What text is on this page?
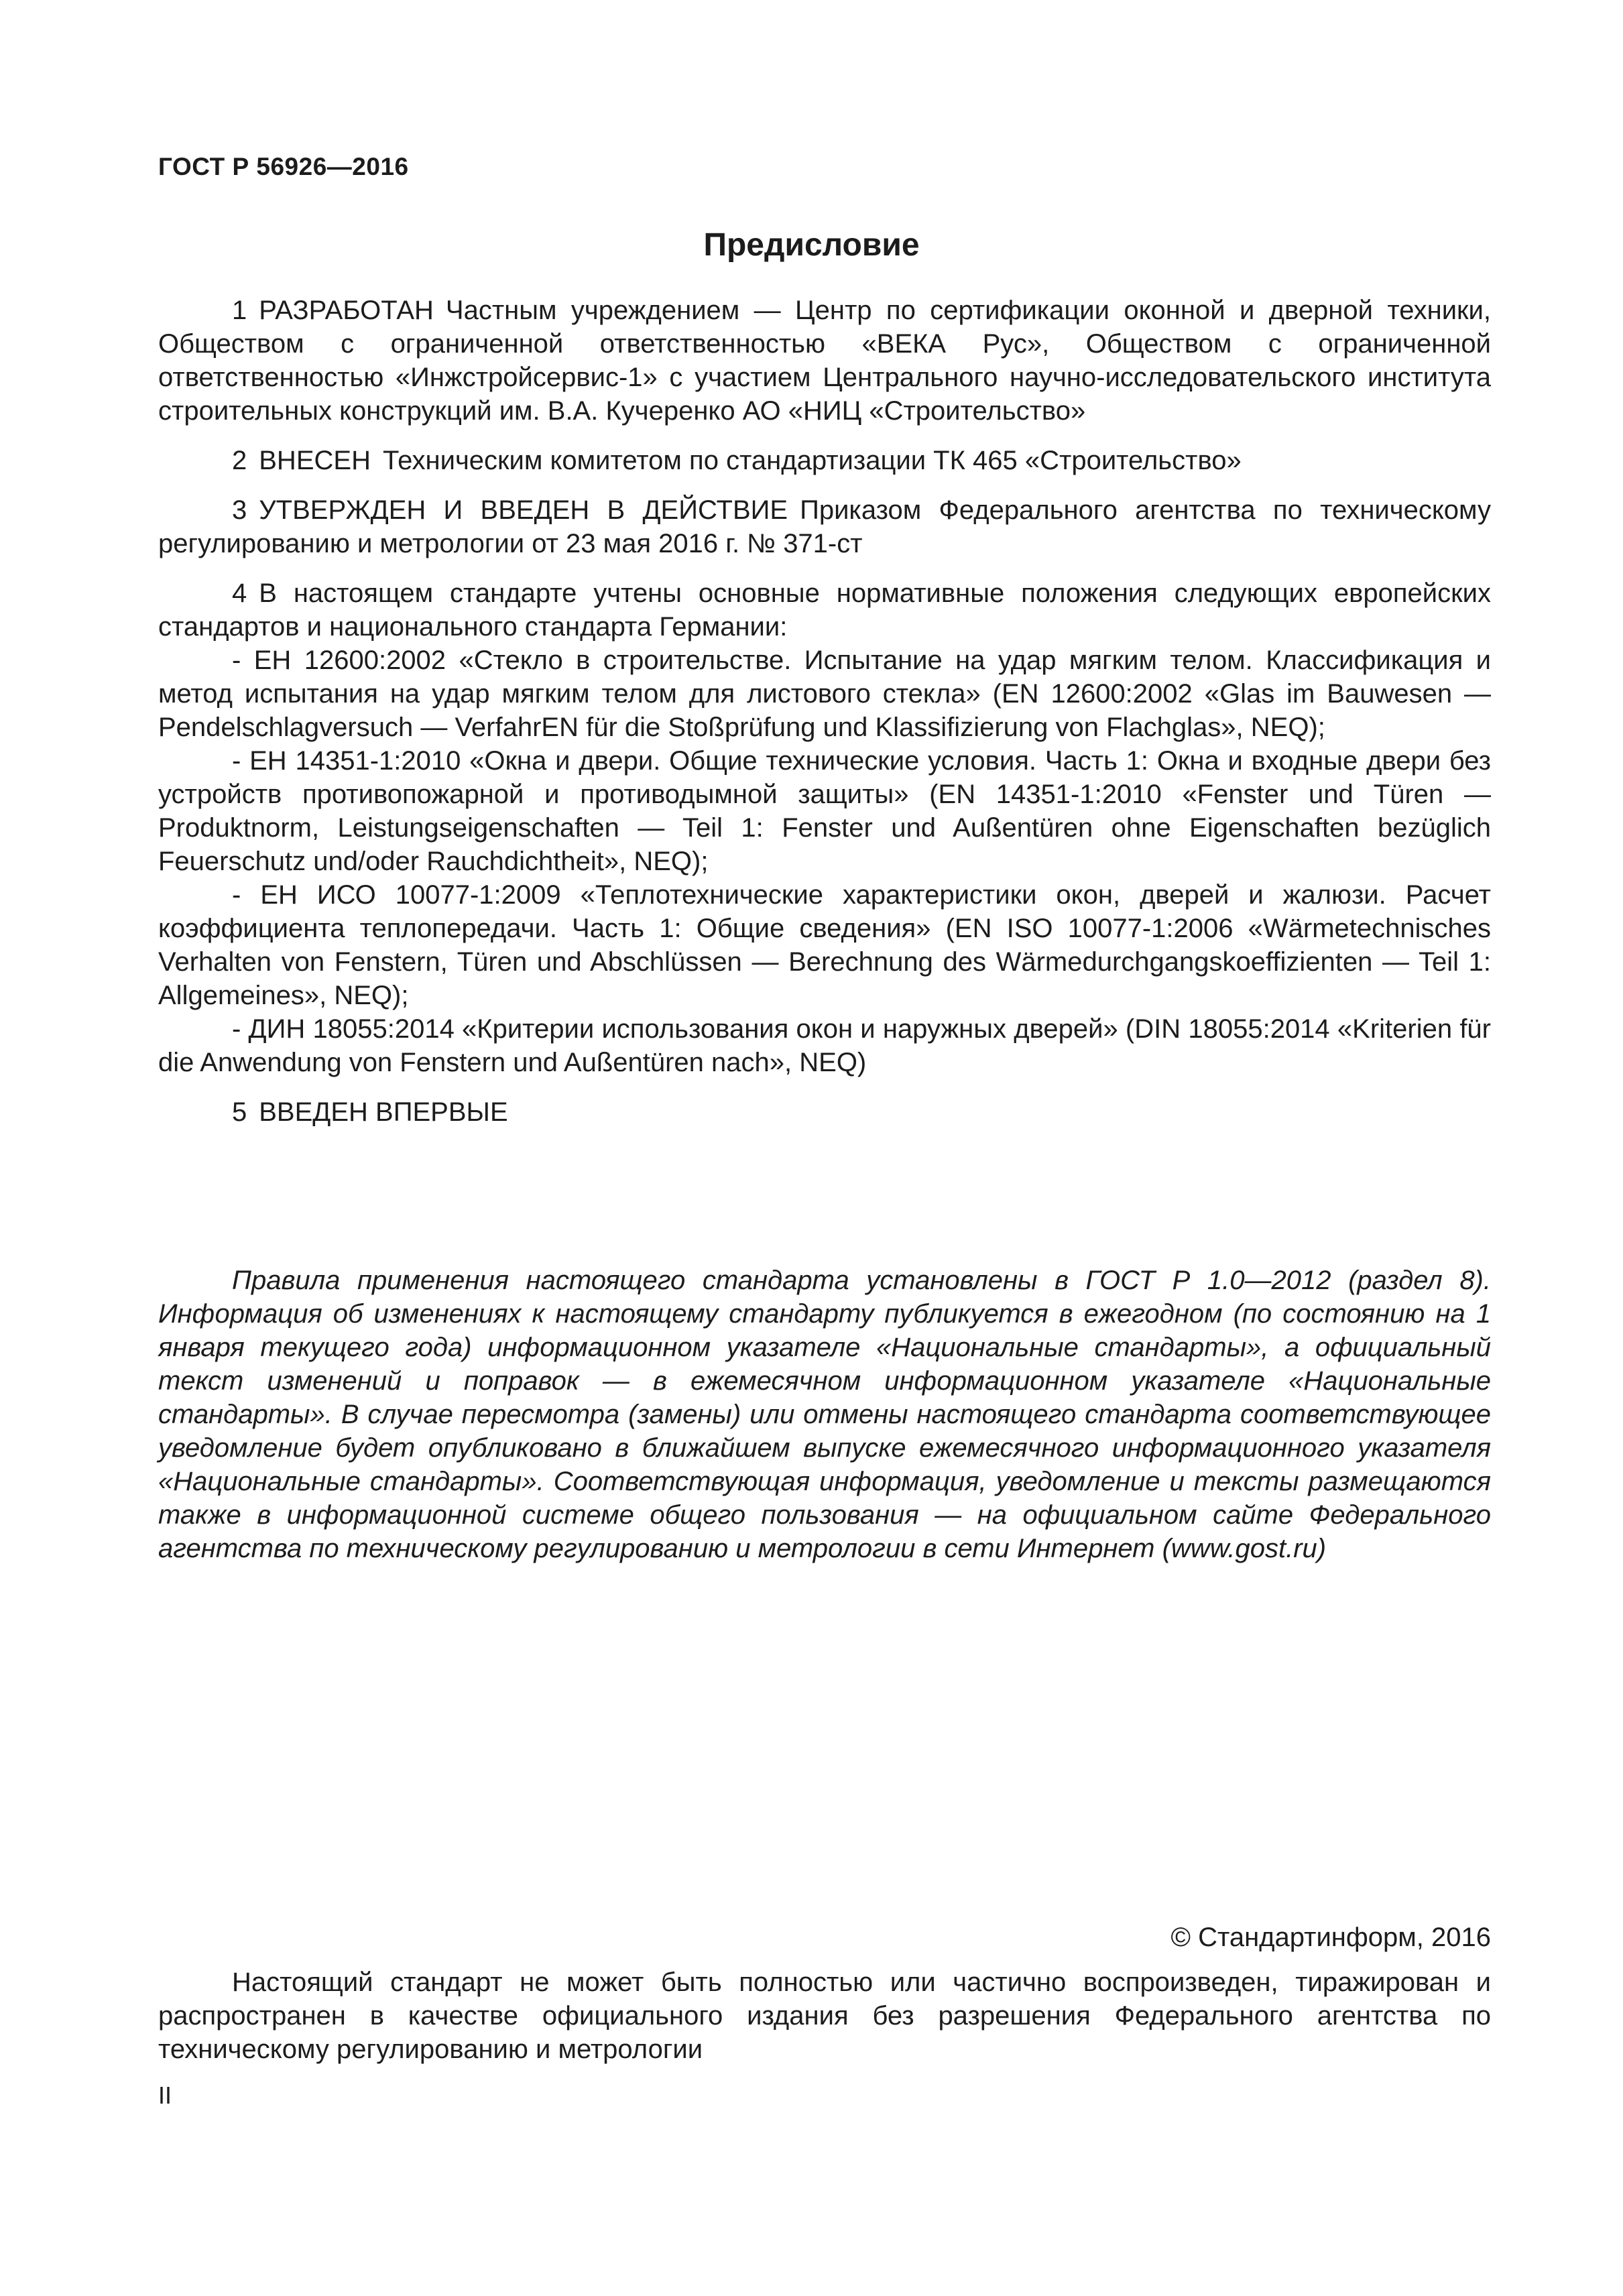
ГОСТ Р 56926—2016
Предисловие

1 РАЗРАБОТАН Частным учреждением — Центр по сертификации оконной и дверной техники, Обществом с ограниченной ответственностью «ВЕКА Рус», Обществом с ограниченной ответственностью «Инжстройсервис-1» с участием Центрального научно-исследовательского института строительных конструкций им. В.А. Кучеренко АО «НИЦ «Строительство»

2 ВНЕСЕН Техническим комитетом по стандартизации ТК 465 «Строительство»

3 УТВЕРЖДЕН И ВВЕДЕН В ДЕЙСТВИЕ Приказом Федерального агентства по техническому регулированию и метрологии от 23 мая 2016 г. № 371-ст

4 В настоящем стандарте учтены основные нормативные положения следующих европейских стандартов и национального стандарта Германии:

- ЕН 12600:2002 «Стекло в строительстве. Испытание на удар мягким телом. Классификация и метод испытания на удар мягким телом для листового стекла» (EN 12600:2002 «Glas im Bauwesen — Pendelschlagversuch — VerfahrEN für die Stoßprüfung und Klassifizierung von Flachglas», NEQ);

- ЕН 14351-1:2010 «Окна и двери. Общие технические условия. Часть 1: Окна и входные двери без устройств противопожарной и противодымной защиты» (EN 14351-1:2010 «Fenster und Türen — Produktnorm, Leistungseigenschaften — Teil 1: Fenster und Außentüren ohne Eigenschaften bezüglich Feuerschutz und/oder Rauchdichtheit», NEQ);

- ЕН ИСО 10077-1:2009 «Теплотехнические характеристики окон, дверей и жалюзи. Расчет коэффициента теплопередачи. Часть 1: Общие сведения» (EN ISO 10077-1:2006 «Wärmetechnisches Verhalten von Fenstern, Türen und Abschlüssen — Berechnung des Wärmedurchgangskoeffizienten — Teil 1: Allgemeines», NEQ);

- ДИН 18055:2014 «Критерии использования окон и наружных дверей» (DIN 18055:2014 «Kriterien für die Anwendung von Fenstern und Außentüren nach», NEQ)

5 ВВЕДЕН ВПЕРВЫЕ

Правила применения настоящего стандарта установлены в ГОСТ Р 1.0—2012 (раздел 8). Информация об изменениях к настоящему стандарту публикуется в ежегодном (по состоянию на 1 января текущего года) информационном указателе «Национальные стандарты», а официальный текст изменений и поправок — в ежемесячном информационном указателе «Национальные стандарты». В случае пересмотра (замены) или отмены настоящего стандарта соответствующее уведомление будет опубликовано в ближайшем выпуске ежемесячного информационного указателя «Национальные стандарты». Соответствующая информация, уведомление и тексты размещаются также в информационной системе общего пользования — на официальном сайте Федерального агентства по техническому регулированию и метрологии в сети Интернет (www.gost.ru)

© Стандартинформ, 2016

Настоящий стандарт не может быть полностью или частично воспроизведен, тиражирован и распространен в качестве официального издания без разрешения Федерального агентства по техническому регулированию и метрологии

II
